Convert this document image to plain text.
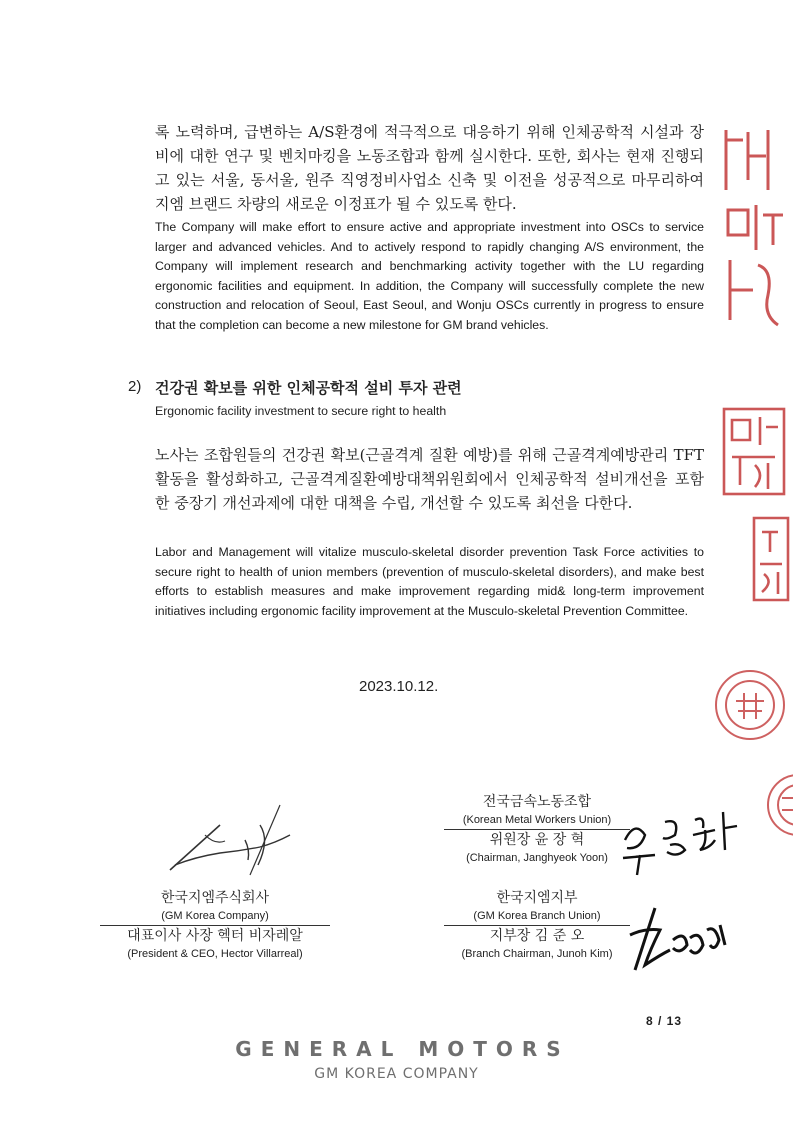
록 노력하며, 급변하는 A/S환경에 적극적으로 대응하기 위해 인체공학적 시설과 장비에 대한 연구 및 벤치마킹을 노동조합과 함께 실시한다. 또한, 회사는 현재 진행되고 있는 서울, 동서울, 원주 직영정비사업소 신축 및 이전을 성공적으로 마무리하여 지엠 브랜드 차량의 새로운 이정표가 될 수 있도록 한다.
The Company will make effort to ensure active and appropriate investment into OSCs to service larger and advanced vehicles. And to actively respond to rapidly changing A/S environment, the Company will implement research and benchmarking activity together with the LU regarding ergonomic facilities and equipment. In addition, the Company will successfully complete the new construction and relocation of Seoul, East Seoul, and Wonju OSCs currently in progress to ensure that the completion can become a new milestone for GM brand vehicles.
2) 건강권 확보를 위한 인체공학적 설비 투자 관련
Ergonomic facility investment to secure right to health
노사는 조합원들의 건강권 확보(근골격계 질환 예방)를 위해 근골격계예방관리 TFT 활동을 활성화하고, 근골격계질환예방대책위원회에서 인체공학적 설비개선을 포함한 중장기 개선과제에 대한 대책을 수립, 개선할 수 있도록 최선을 다한다.
Labor and Management will vitalize musculo-skeletal disorder prevention Task Force activities to secure right to health of union members (prevention of musculo-skeletal disorders), and make best efforts to establish measures and make improvement regarding mid& long-term improvement initiatives including ergonomic facility improvement at the Musculo-skeletal Prevention Committee.
2023.10.12.
한국지엠주식회사
(GM Korea Company)
대표이사 사장 헥터 비자레알
(President & CEO, Hector Villarreal)
전국금속노동조합
(Korean Metal Workers Union)
위원장 윤 장 혁
(Chairman, Janghyeok Yoon)
한국지엠지부
(GM Korea Branch Union)
지부장 김 준 오
(Branch Chairman, Junoh Kim)
8 / 13
GENERAL MOTORS
GM KOREA COMPANY
